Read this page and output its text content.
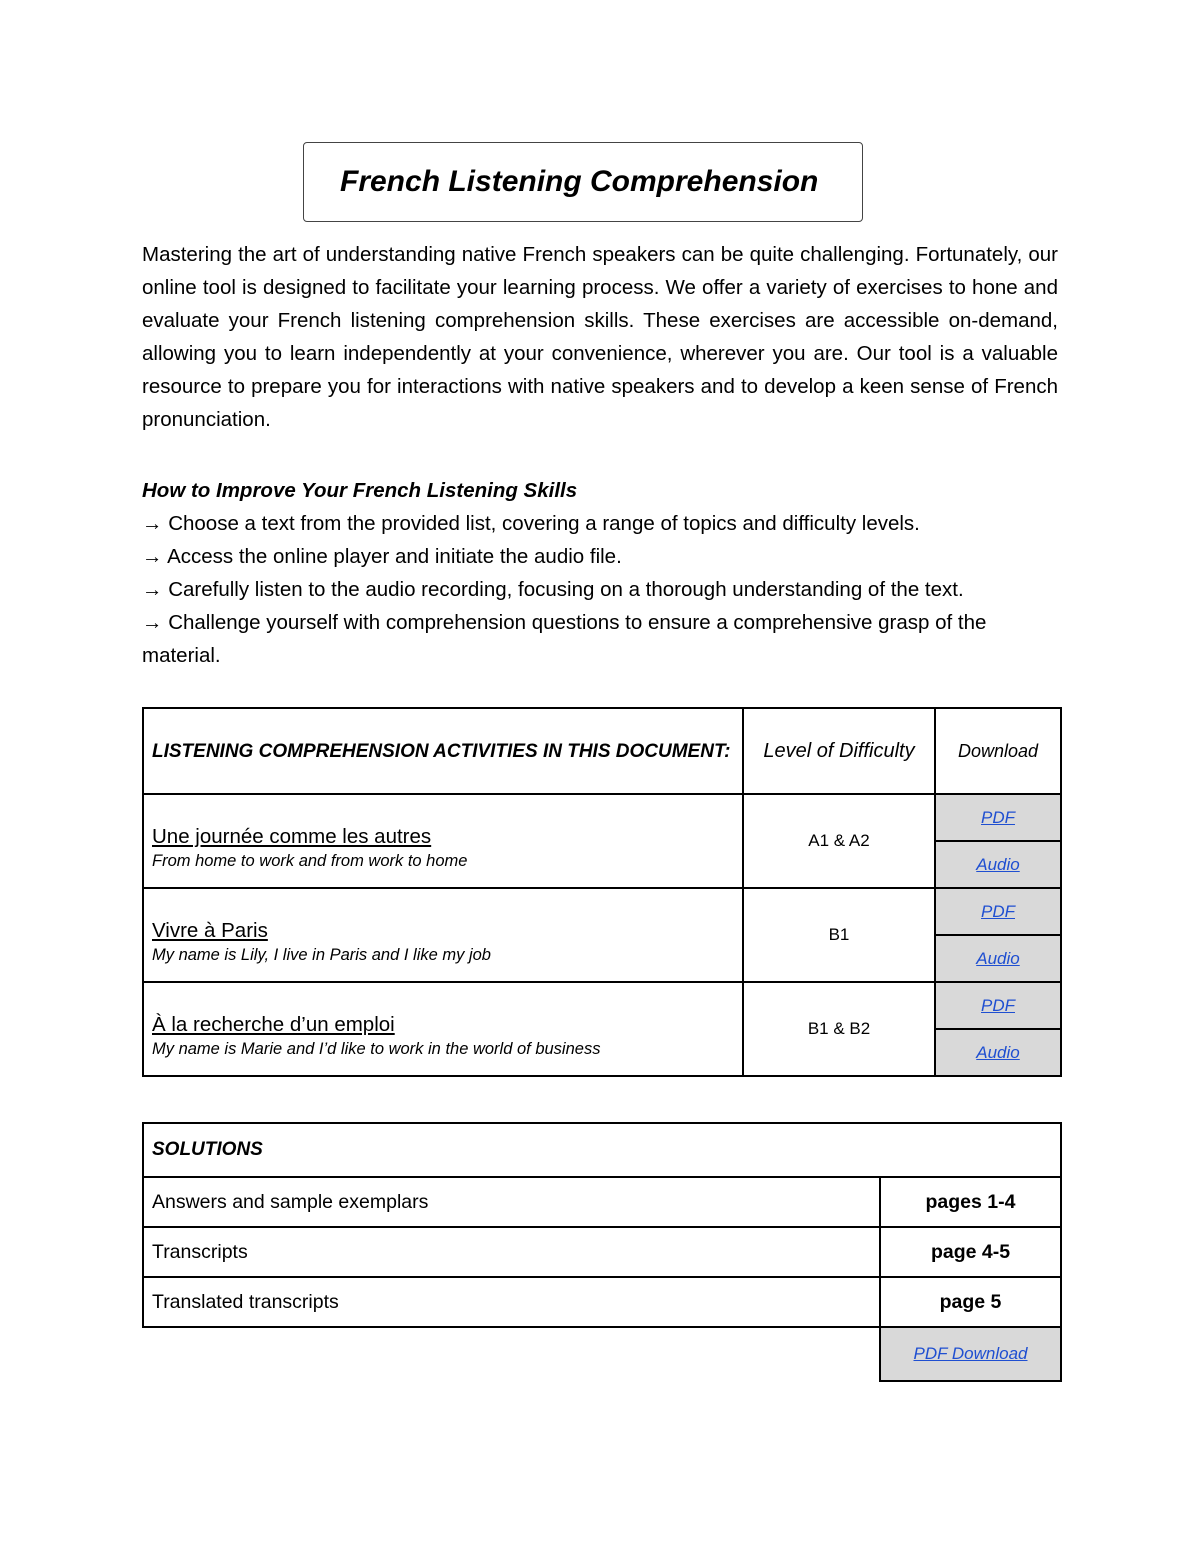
French Listening Comprehension

Mastering the art of understanding native French speakers can be quite challenging. Fortunately, our online tool is designed to facilitate your learning process. We offer a variety of exercises to hone and evaluate your French listening comprehension skills. These exercises are accessible on-demand, allowing you to learn independently at your convenience, wherever you are. Our tool is a valuable resource to prepare you for interactions with native speakers and to develop a keen sense of French pronunciation.

How to Improve Your French Listening Skills
→ Choose a text from the provided list, covering a range of topics and difficulty levels.
→ Access the online player and initiate the audio file.
→ Carefully listen to the audio recording, focusing on a thorough understanding of the text.
→ Challenge yourself with comprehension questions to ensure a comprehensive grasp of the material.
LISTENING COMPREHENSION ACTIVITIES IN THIS DOCUMENT:	Level of Difficulty	Download

Une journée comme les autres
From home to work and from work to home	A1 & A2	PDF
		Audio

Vivre à Paris
My name is Lily, I live in Paris and I like my job	B1	PDF
		Audio

À la recherche d’un emploi
My name is Marie and I’d like to work in the world of business	B1 & B2	PDF
		Audio
SOLUTIONS	
Answers and sample exemplars	pages 1-4
Transcripts	page 4-5
Translated transcripts	page 5
	PDF Download
